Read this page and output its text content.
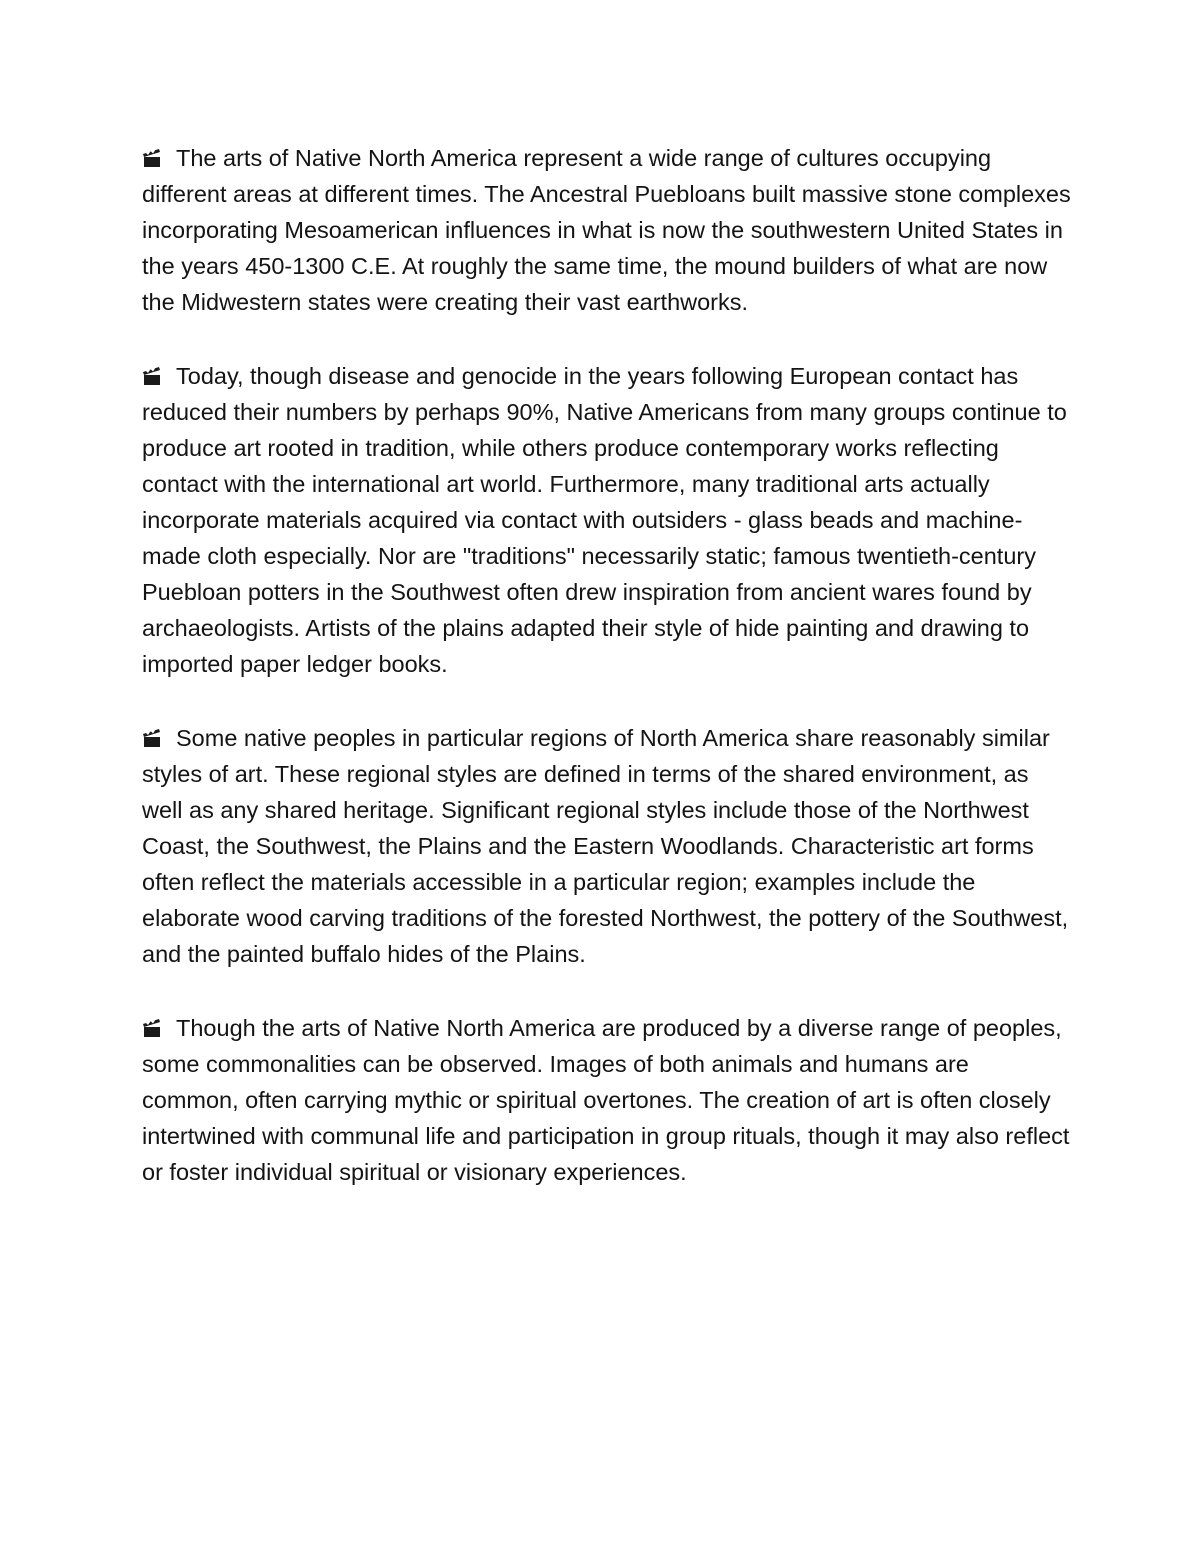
The arts of Native North America represent a wide range of cultures occupying different areas at different times. The Ancestral Puebloans built massive stone complexes incorporating Mesoamerican influences in what is now the southwestern United States in the years 450-1300 C.E. At roughly the same time, the mound builders of what are now the Midwestern states were creating their vast earthworks.

Today, though disease and genocide in the years following European contact has reduced their numbers by perhaps 90%, Native Americans from many groups continue to produce art rooted in tradition, while others produce contemporary works reflecting contact with the international art world. Furthermore, many traditional arts actually incorporate materials acquired via contact with outsiders - glass beads and machine-made cloth especially. Nor are "traditions" necessarily static; famous twentieth-century Puebloan potters in the Southwest often drew inspiration from ancient wares found by archaeologists. Artists of the plains adapted their style of hide painting and drawing to imported paper ledger books.

Some native peoples in particular regions of North America share reasonably similar styles of art. These regional styles are defined in terms of the shared environment, as well as any shared heritage. Significant regional styles include those of the Northwest Coast, the Southwest, the Plains and the Eastern Woodlands. Characteristic art forms often reflect the materials accessible in a particular region; examples include the elaborate wood carving traditions of the forested Northwest, the pottery of the Southwest, and the painted buffalo hides of the Plains.

Though the arts of Native North America are produced by a diverse range of peoples, some commonalities can be observed. Images of both animals and humans are common, often carrying mythic or spiritual overtones. The creation of art is often closely intertwined with communal life and participation in group rituals, though it may also reflect or foster individual spiritual or visionary experiences.
